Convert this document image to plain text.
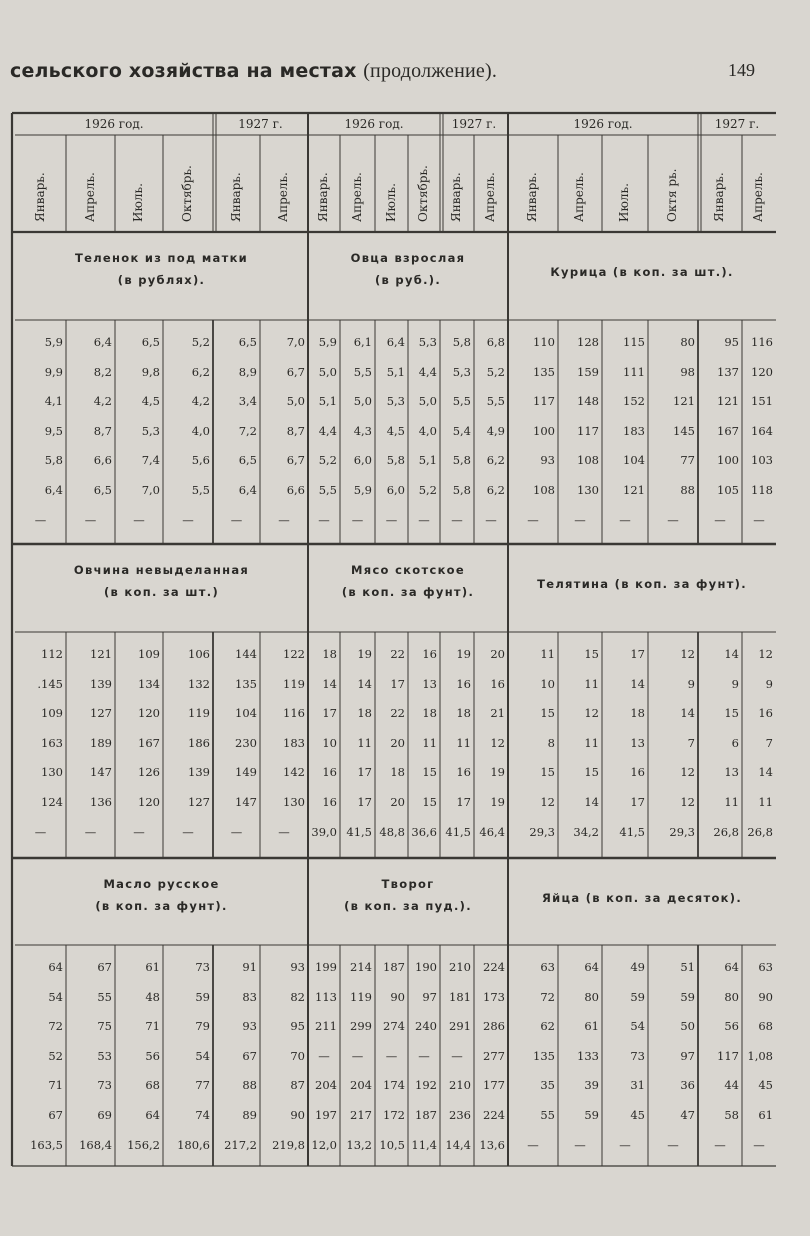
сельского хозяйства на местах (продолжение).	149
1926 год.	1927 г.	1926 год.	1927 г.	1926 год.	1927 г.
Январь.	Апрель.	Июль.	Октябрь.	Январь.	Апрель. Январь. Апрель. Июль. Октябрь. Январь. Апрель. Январь.	Апрель.	Июль.	Октя рь.	Январь. Апрель.
Теленок из под матки
(в рублях).
Овца взрослая
(в руб.).
Курица (в коп. за шт.).
5,9	6,4	6,5	5,2	6,5	7,0	5,9	6,1	6,4	5,3	5,8	6,8	110	128	115	80	95	116
9,9	8,2	9,8	6,2	8,9	6,7	5,0	5,5	5,1	4,4	5,3	5,2	135	159	111	98	137	120
4,1	4,2	4,5	4,2	3,4	5,0	5,1	5,0	5,3	5,0	5,5	5,5	117	148	152	121	121	151
9,5	8,7	5,3	4,0	7,2	8,7	4,4	4,3	4,5	4,0	5,4	4,9	100	117	183	145	167	164
5,8	6,6	7,4	5,6	6,5	6,7	5,2	6,0	5,8	5,1	5,8	6,2	93	108	104	77	100	103
6,4	6,5	7,0	5,5	6,4	6,6	5,5	5,9	6,0	5,2	5,8	6,2	108	130	121	88	105	118
—	—	—	—	—	—	—	—	—	—	—	—	—	—	—	—	—	—
Овчина невыделанная
(в коп. за шт.)
Мясо скотское
(в коп. за фунт).
Телятина (в коп. за фунт).
112	121	109	106	144	122	18	19	22	16	19	20	11	15	17	12	14	12
.145	139	134	132	135	119	14	14	17	13	16	16	10	11	14	9	9	9
109	127	120	119	104	116	17	18	22	18	18	21	15	12	18	14	15	16
163	189	167	186	230	183	10	11	20	11	11	12	8	11	13	7	6	7
130	147	126	139	149	142	16	17	18	15	16	19	15	15	16	12	13	14
124	136	120	127	147	130	16	17	20	15	17	19	12	14	17	12	11	11
—	—	—	—	—	—	39,0 41,5 48,8 36,6 41,5 46,4	29,3	34,2	41,5	29,3	26,8 26,8
Масло русское
(в коп. за фунт).
Творог
(в коп. за пуд.).
Яйца (в коп. за десяток).
64	67	61	73	91	93 199	214 187 190	210	224	63	64	49	51	64	63
54	55	48	59	83	82 113	119	90	97	181	173	72	80	59	59	80	90
72	75	71	79	93	95 211	299 274 240	291	286	62	61	54	50	56	68
52	53	56	54	67	70	—	—	—	—	—	277	135	133	73	97	117 1,08
71	73	68	77	88	87 204	204 174 192	210	177	35	39	31	36	44	45
67	69	64	74	89	90 197	217 172 187	236	224	55	59	45	47	58	61
163,5	168,4	156,2	180,6	217,2	219,8 12,0 13,2 10,5 11,4 14,4 13,6	—	—	—	—	—	—
